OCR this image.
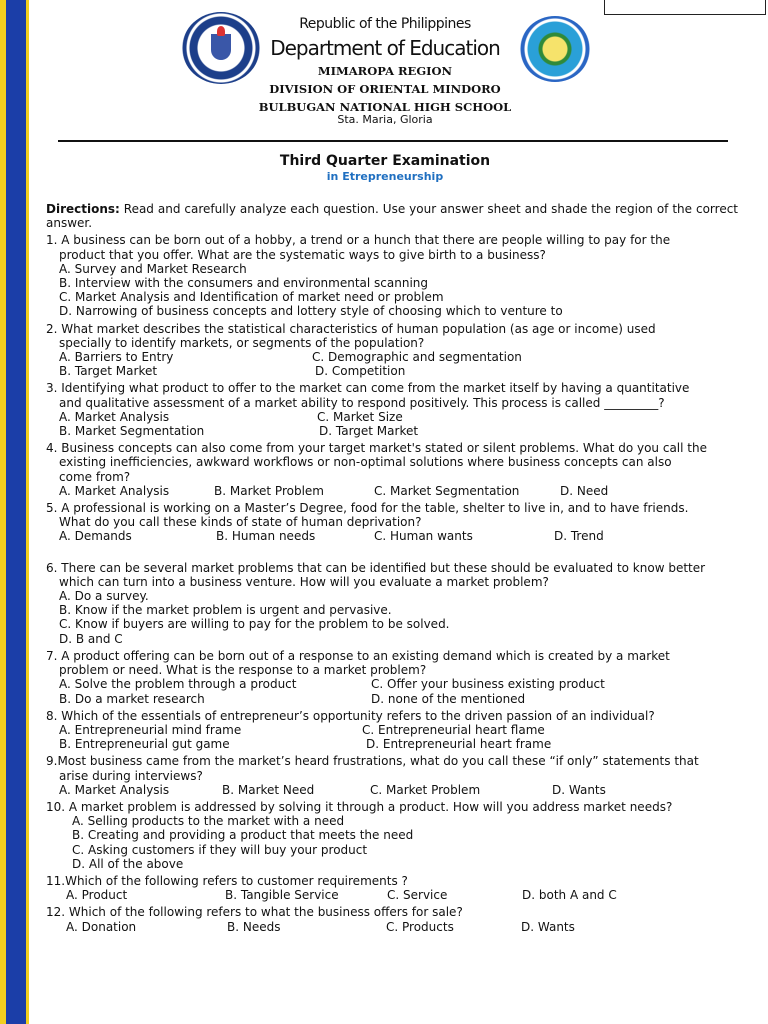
Republic of the Philippines
Department of Education
MIMAROPA REGION
DIVISION OF ORIENTAL MINDORO
BULBUGAN NATIONAL HIGH SCHOOL
Sta. Maria, Gloria
Third Quarter Examination
in Etrepreneurship

Directions: Read and carefully analyze each question. Use your answer sheet and shade the region of the correct answer.

1. A business can be born out of a hobby, a trend or a hunch that there are people willing to pay for the

product that you offer. What are the systematic ways to give birth to a business?

A. Survey and Market Research

B. Interview with the consumers and environmental scanning

C. Market Analysis and Identification of market need or problem

D. Narrowing of business concepts and lottery style of choosing which to venture to

2. What market describes the statistical characteristics of human population (as age or income) used

specially to identify markets, or segments of the population?

A. Barriers to Entry	C. Demographic and segmentation
B. Target Market	D. Competition

3. Identifying what product to offer to the market can come from the market itself by having a quantitative

and qualitative assessment of a market ability to respond positively. This process is called _________?

A. Market Analysis	C. Market Size
B. Market Segmentation	D. Target Market

4. Business concepts can also come from your target market's stated or silent problems. What do you call the

existing inefficiencies, awkward workflows or non-optimal solutions where business concepts can also

come from?

A. Market Analysis	B. Market Problem	C. Market Segmentation	D. Need

5. A professional is working on a Master’s Degree, food for the table, shelter to live in, and to have friends.

What do you call these kinds of state of human deprivation?

A. Demands	B. Human needs	C. Human wants	D. Trend

6. There can be several market problems that can be identified but these should be evaluated to know better

which can turn into a business venture. How will you evaluate a market problem?

A. Do a survey.

B. Know if the market problem is urgent and pervasive.

C. Know if buyers are willing to pay for the problem to be solved.

D. B and C

7. A product offering can be born out of a response to an existing demand which is created by a market

problem or need. What is the response to a market problem?

A. Solve the problem through a product	C. Offer your business existing product
B. Do a market research	D. none of the mentioned

8. Which of the essentials of entrepreneur’s opportunity refers to the driven passion of an individual?

A. Entrepreneurial mind frame	C. Entrepreneurial heart flame
B. Entrepreneurial gut game	D. Entrepreneurial heart frame

9.Most business came from the market’s heard frustrations, what do you call these “if only” statements that

arise during interviews?

A. Market Analysis	B. Market Need	C. Market Problem	D. Wants

10. A market problem is addressed by solving it through a product. How will you address market needs?

A. Selling products to the market with a need

B. Creating and providing a product that meets the need

C. Asking customers if they will buy your product

D. All of the above

11.Which of the following refers to customer requirements ?

A. Product	B. Tangible Service	C. Service	D. both A and C

12. Which of the following refers to what the business offers for sale?

A. Donation	B. Needs	C. Products	D. Wants
